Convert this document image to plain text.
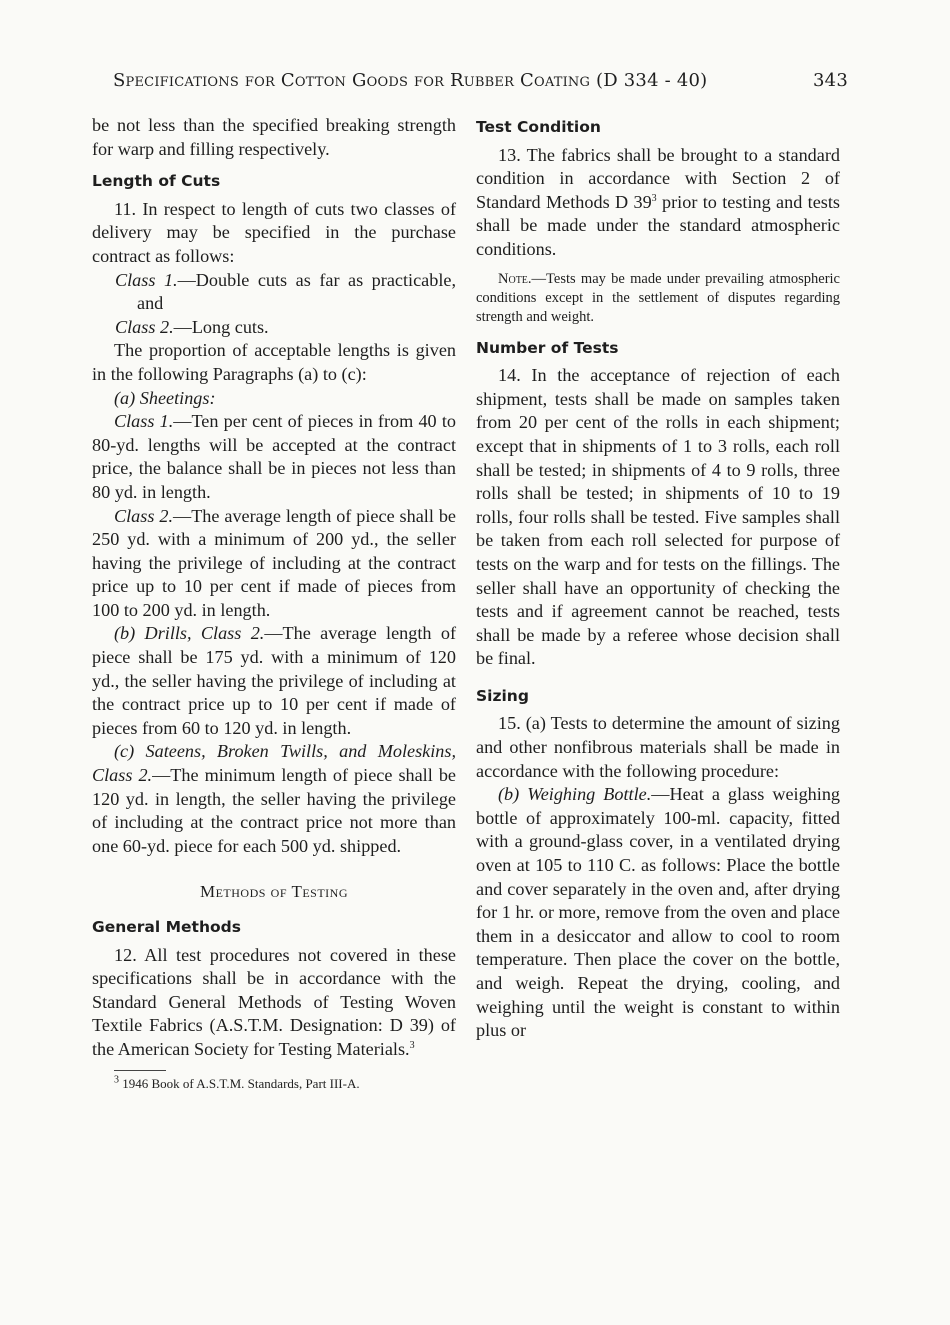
Specifications for Cotton Goods for Rubber Coating (D 334 - 40)	343

be not less than the specified breaking strength for warp and filling respectively.

Length of Cuts

11. In respect to length of cuts two classes of delivery may be specified in the purchase contract as follows:

Class 1.—Double cuts as far as practicable, and

Class 2.—Long cuts.

The proportion of acceptable lengths is given in the following Paragraphs (a) to (c):

(a) Sheetings:

Class 1.—Ten per cent of pieces in from 40 to 80-yd. lengths will be accepted at the contract price, the balance shall be in pieces not less than 80 yd. in length.

Class 2.—The average length of piece shall be 250 yd. with a minimum of 200 yd., the seller having the privilege of including at the contract price up to 10 per cent if made of pieces from 100 to 200 yd. in length.

(b) Drills, Class 2.—The average length of piece shall be 175 yd. with a minimum of 120 yd., the seller having the privilege of including at the contract price up to 10 per cent if made of pieces from 60 to 120 yd. in length.

(c) Sateens, Broken Twills, and Moleskins, Class 2.—The minimum length of piece shall be 120 yd. in length, the seller having the privilege of including at the contract price not more than one 60-yd. piece for each 500 yd. shipped.

Methods of Testing
General Methods

12. All test procedures not covered in these specifications shall be in accordance with the Standard General Methods of Testing Woven Textile Fabrics (A.S.T.M. Designation: D 39) of the American Society for Testing Materials.$^3$

$^3$ 1946 Book of A.S.T.M. Standards, Part III-A.

Test Condition

13. The fabrics shall be brought to a standard condition in accordance with Section 2 of Standard Methods D $39^3$ prior to testing and tests shall be made under the standard atmospheric conditions.

Note.—Tests may be made under prevailing atmospheric conditions except in the settlement of disputes regarding strength and weight.

Number of Tests

14. In the acceptance of rejection of each shipment, tests shall be made on samples taken from 20 per cent of the rolls in each shipment; except that in shipments of 1 to 3 rolls, each roll shall be tested; in shipments of 4 to 9 rolls, three rolls shall be tested; in shipments of 10 to 19 rolls, four rolls shall be tested. Five samples shall be taken from each roll selected for purpose of tests on the warp and for tests on the fillings. The seller shall have an opportunity of checking the tests and if agreement cannot be reached, tests shall be made by a referee whose decision shall be final.

Sizing

15. (a) Tests to determine the amount of sizing and other nonfibrous materials shall be made in accordance with the following procedure:

(b) Weighing Bottle.—Heat a glass weighing bottle of approximately 100-ml. capacity, fitted with a ground-glass cover, in a ventilated drying oven at 105 to 110 C. as follows: Place the bottle and cover separately in the oven and, after drying for 1 hr. or more, remove from the oven and place them in a desiccator and allow to cool to room temperature. Then place the cover on the bottle, and weigh. Repeat the drying, cooling, and weighing until the weight is constant to within plus or
